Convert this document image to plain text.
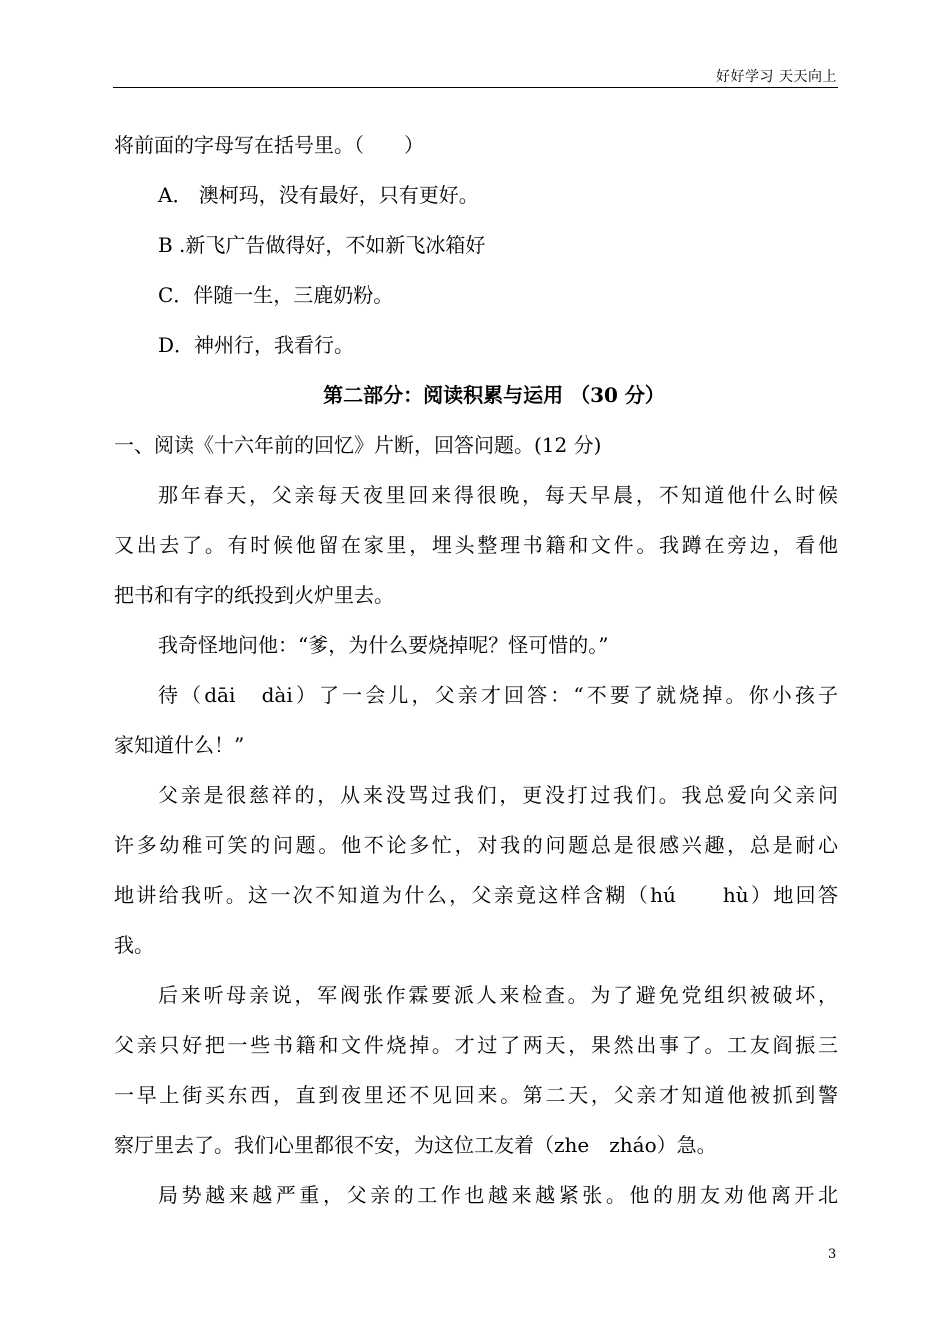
好好学习 天天向上
将前面的字母写在括号里。（　　）
A． 澳柯玛，没有最好，只有更好。
B .新飞广告做得好，不如新飞冰箱好
C．伴随一生，三鹿奶粉。
D．神州行，我看行。
第二部分：阅读积累与运用 （30 分）
一、阅读《十六年前的回忆》片断，回答问题。(12 分)
那年春天，父亲每天夜里回来得很晚，每天早晨，不知道他什么时候
又出去了。有时候他留在家里，埋头整理书籍和文件。我蹲在旁边，看他
把书和有字的纸投到火炉里去。
我奇怪地问他：“爹，为什么要烧掉呢？怪可惜的。”
待（dāi　dài）了一会儿，父亲才回答：“不要了就烧掉。你小孩子
家知道什么！”
父亲是很慈祥的，从来没骂过我们，更没打过我们。我总爱向父亲问
许多幼稚可笑的问题。他不论多忙，对我的问题总是很感兴趣，总是耐心
地讲给我听。这一次不知道为什么，父亲竟这样含糊（hú　　hù）地回答
我。
后来听母亲说，军阀张作霖要派人来检查。为了避免党组织被破坏，
父亲只好把一些书籍和文件烧掉。才过了两天，果然出事了。工友阎振三
一早上街买东西，直到夜里还不见回来。第二天，父亲才知道他被抓到警
察厅里去了。我们心里都很不安，为这位工友着（zhe　zháo）急。
局势越来越严重，父亲的工作也越来越紧张。他的朋友劝他离开北
3
